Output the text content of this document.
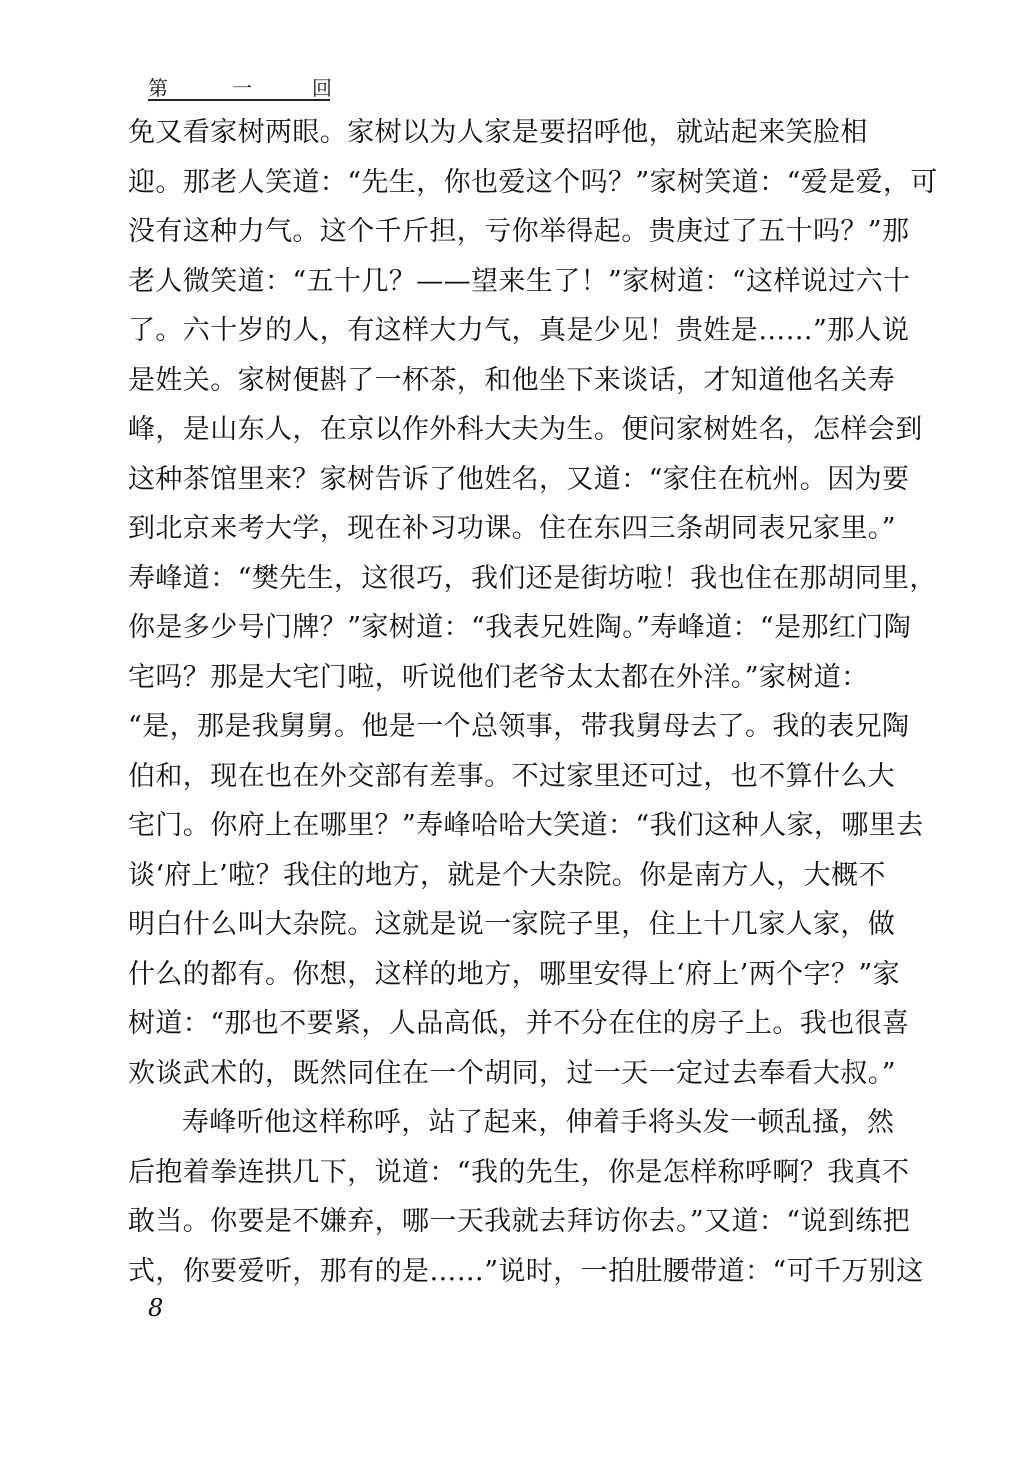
第	一	回
免又看家树两眼。家树以为人家是要招呼他，就站起来笑脸相
迎。那老人笑道：“先生，你也爱这个吗？”家树笑道：“爱是爱，可
没有这种力气。这个千斤担，亏你举得起。贵庚过了五十吗？”那
老人微笑道：“五十几？——望来生了！”家树道：“这样说过六十
了。六十岁的人，有这样大力气，真是少见！贵姓是……”那人说
是姓关。家树便斟了一杯茶，和他坐下来谈话，才知道他名关寿
峰，是山东人，在京以作外科大夫为生。便问家树姓名，怎样会到
这种茶馆里来？家树告诉了他姓名，又道：“家住在杭州。因为要
到北京来考大学，现在补习功课。住在东四三条胡同表兄家里。”
寿峰道：“樊先生，这很巧，我们还是街坊啦！我也住在那胡同里，
你是多少号门牌？”家树道：“我表兄姓陶。”寿峰道：“是那红门陶
宅吗？那是大宅门啦，听说他们老爷太太都在外洋。”家树道：
“是，那是我舅舅。他是一个总领事，带我舅母去了。我的表兄陶
伯和，现在也在外交部有差事。不过家里还可过，也不算什么大
宅门。你府上在哪里？”寿峰哈哈大笑道：“我们这种人家，哪里去
谈‘府上’啦？我住的地方，就是个大杂院。你是南方人，大概不
明白什么叫大杂院。这就是说一家院子里，住上十几家人家，做
什么的都有。你想，这样的地方，哪里安得上‘府上’两个字？”家
树道：“那也不要紧，人品高低，并不分在住的房子上。我也很喜
欢谈武术的，既然同住在一个胡同，过一天一定过去奉看大叔。”
寿峰听他这样称呼，站了起来，伸着手将头发一顿乱搔，然
后抱着拳连拱几下，说道：“我的先生，你是怎样称呼啊？我真不
敢当。你要是不嫌弃，哪一天我就去拜访你去。”又道：“说到练把
式，你要爱听，那有的是……”说时，一拍肚腰带道：“可千万别这
8
